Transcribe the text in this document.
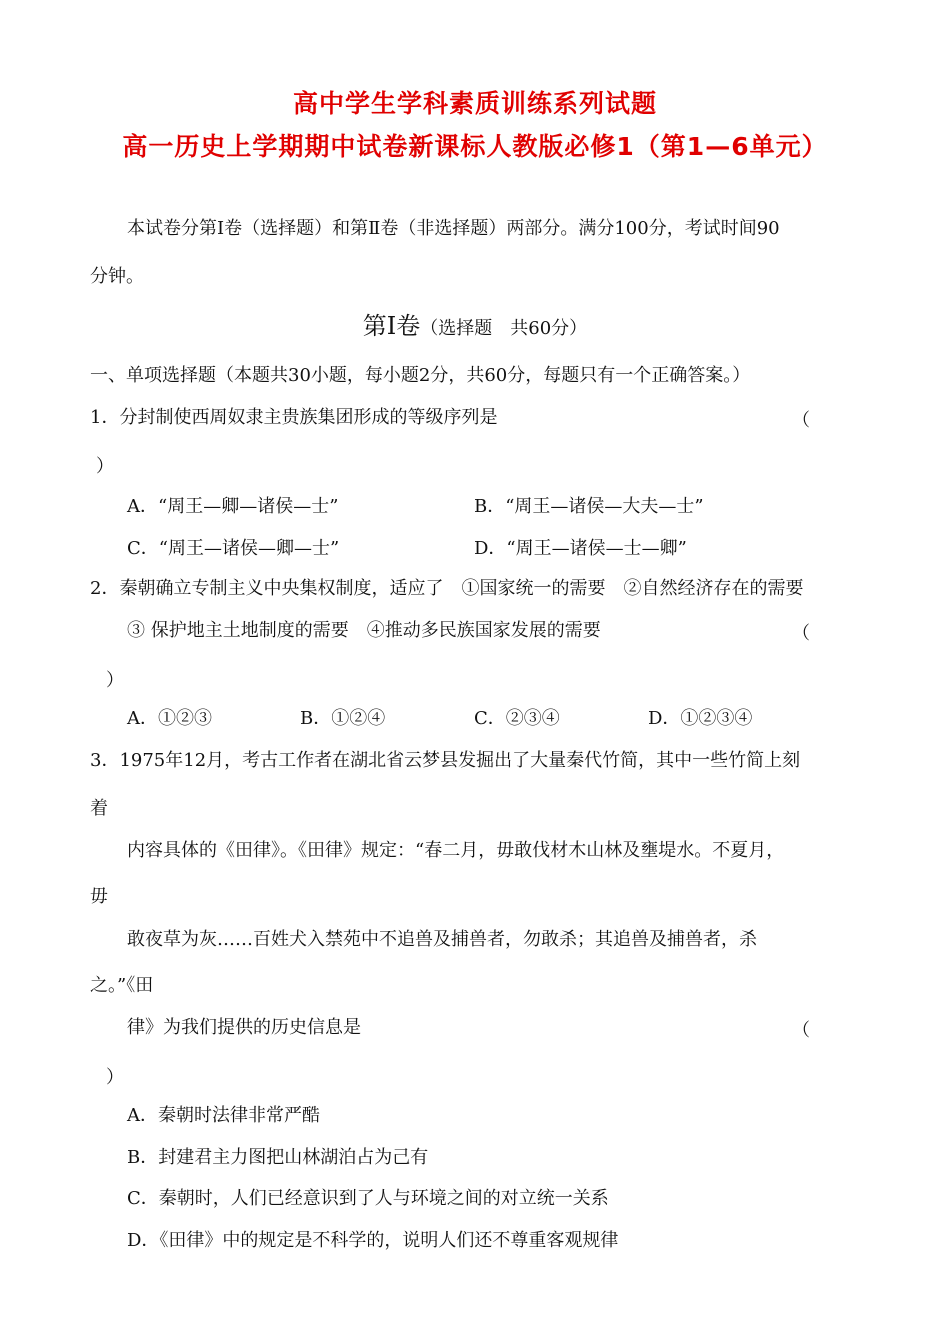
高中学生学科素质训练系列试题
高一历史上学期期中试卷新课标人教版必修1（第1—6单元）
本试卷分第Ⅰ卷（选择题）和第Ⅱ卷（非选择题）两部分。满分100分，考试时间90
分钟。
第Ⅰ卷（选择题　共60分）
一、单项选择题（本题共30小题，每小题2分，共60分，每题只有一个正确答案。）
1．分封制使西周奴隶主贵族集团形成的等级序列是	（
）
A．“周王—卿—诸侯—士”	B．“周王—诸侯—大夫—士”
C．“周王—诸侯—卿—士”	D．“周王—诸侯—士—卿”
2．秦朝确立专制主义中央集权制度，适应了　①国家统一的需要　②自然经济存在的需要
③ 保护地主土地制度的需要　④推动多民族国家发展的需要	（
）
A．①②③	B．①②④	C．②③④	D．①②③④
3．1975年12月，考古工作者在湖北省云梦县发掘出了大量秦代竹简，其中一些竹简上刻
着
内容具体的《田律》。《田律》规定：“春二月，毋敢伐材木山林及壅堤水。不夏月，
毋
敢夜草为灰……百姓犬入禁苑中不追兽及捕兽者，勿敢杀；其追兽及捕兽者，杀
之。”《田
律》为我们提供的历史信息是	（
）
A．秦朝时法律非常严酷
B．封建君主力图把山林湖泊占为己有
C．秦朝时，人们已经意识到了人与环境之间的对立统一关系
D．《田律》中的规定是不科学的，说明人们还不尊重客观规律
